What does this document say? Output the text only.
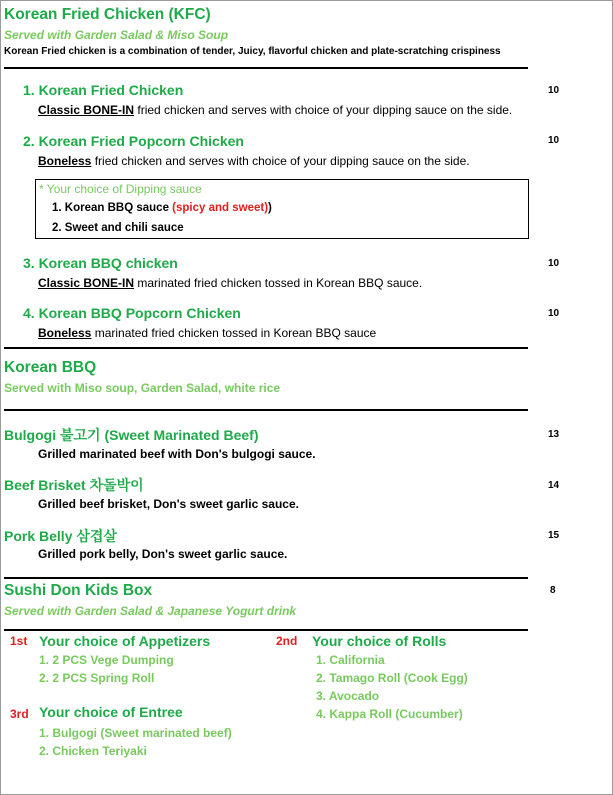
Korean Fried Chicken (KFC)
Served with Garden Salad & Miso Soup
Korean Fried chicken is a combination of tender, Juicy, flavorful chicken and plate-scratching crispiness
1. Korean Fried Chicken	10
Classic BONE-IN fried chicken and serves with choice of your dipping sauce on the side.
2. Korean Fried Popcorn Chicken	10
Boneless fried chicken and serves with choice of your dipping sauce on the side.
* Your choice of Dipping sauce
1. Korean BBQ sauce (spicy and sweet))
2. Sweet and chili sauce
3. Korean BBQ chicken	10
Classic BONE-IN marinated fried chicken tossed in Korean BBQ sauce.
4. Korean BBQ Popcorn Chicken	10
Boneless marinated fried chicken tossed in Korean BBQ sauce
Korean BBQ
Served with Miso soup, Garden Salad, white rice
Bulgogi 불고기 (Sweet Marinated Beef)	13
Grilled marinated beef with Don's bulgogi sauce.
Beef Brisket 차돌박이	14
Grilled beef brisket, Don's sweet garlic sauce.
Pork Belly 삼겹살	15
Grilled pork belly, Don's sweet garlic sauce.
Sushi Don Kids Box	8
Served with Garden Salad & Japanese Yogurt drink
1st Your choice of Appetizers
1. 2 PCS Vege Dumping
2. 2 PCS Spring Roll
3rd Your choice of Entree
1. Bulgogi (Sweet marinated beef)
2. Chicken Teriyaki
2nd Your choice of Rolls
1. California
2. Tamago Roll (Cook Egg)
3. Avocado
4. Kappa Roll (Cucumber)
